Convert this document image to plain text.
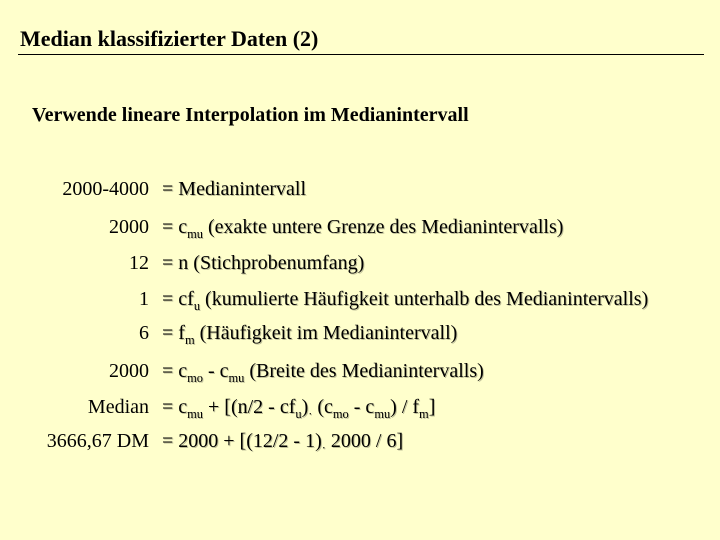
Median klassifizierter Daten (2)
Verwende lineare Interpolation im Medianintervall
2000-4000 = Medianintervall
$2000 = c_{mu}$ (exakte untere Grenze des Medianintervalls)
12 = n (Stichprobenumfang)
$1 = cf_u$ (kumulierte Häufigkeit unterhalb des Medianintervalls)
$6 = f_m$ (Häufigkeit im Medianintervall)
$2000 = c_{mo} - c_{mu}$ (Breite des Medianintervalls)
Median = $c_{mu} + [(n/2 - cf_u)_\cdot$ $(c_{mo} - c_{mu}) / f_m$]
3666,67 DM = $2000 + [(12/2 - 1)_\cdot$ 2000 / 6]
